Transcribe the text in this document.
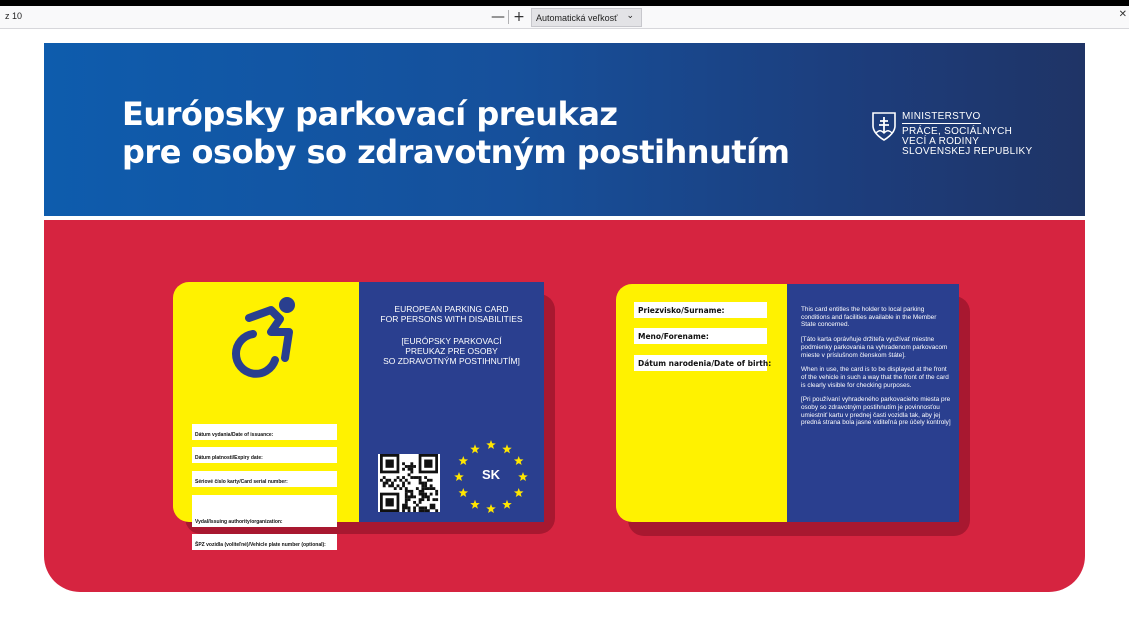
z 10	— +	Automatická veľkosť ⌄	✕
Európsky parkovací preukaz
pre osoby so zdravotným postihnutím
MINISTERSTVO
PRÁCE, SOCIÁLNYCH
VECÍ A RODINY
SLOVENSKEJ REPUBLIKY
Dátum vydania/Date of issuance:
Dátum platnosti/Expiry date:
Sériové číslo karty/Card serial number:
Vydal/Issuing authority/organization:
ŠPZ vozidla (voliteľné)/Vehicle plate number (optional):
EUROPEAN PARKING CARD
FOR PERSONS WITH DISABILITIES
[EURÓPSKY PARKOVACÍ
PREUKAZ PRE OSOBY
SO ZDRAVOTNÝM POSTIHNUTÍM]
SK
Priezvisko/Surname:
Meno/Forename:
Dátum narodenia/Date of birth:

This card entitles the holder to local parking conditions and facilities available in the Member State concerned.

[Táto karta oprávňuje držiteľa využívať miestne podmienky parkovania na vyhradenom parkovacom mieste v príslušnom členskom štáte].

When in use, the card is to be displayed at the front of the vehicle in such a way that the front of the card is clearly visible for checking purposes.

[Pri používaní vyhradeného parkovacieho miesta pre osoby so zdravotným postihnutím je povinnosťou umiestniť kartu v prednej časti vozidla tak, aby jej predná strana bola jasne viditeľná pre účely kontroly]
